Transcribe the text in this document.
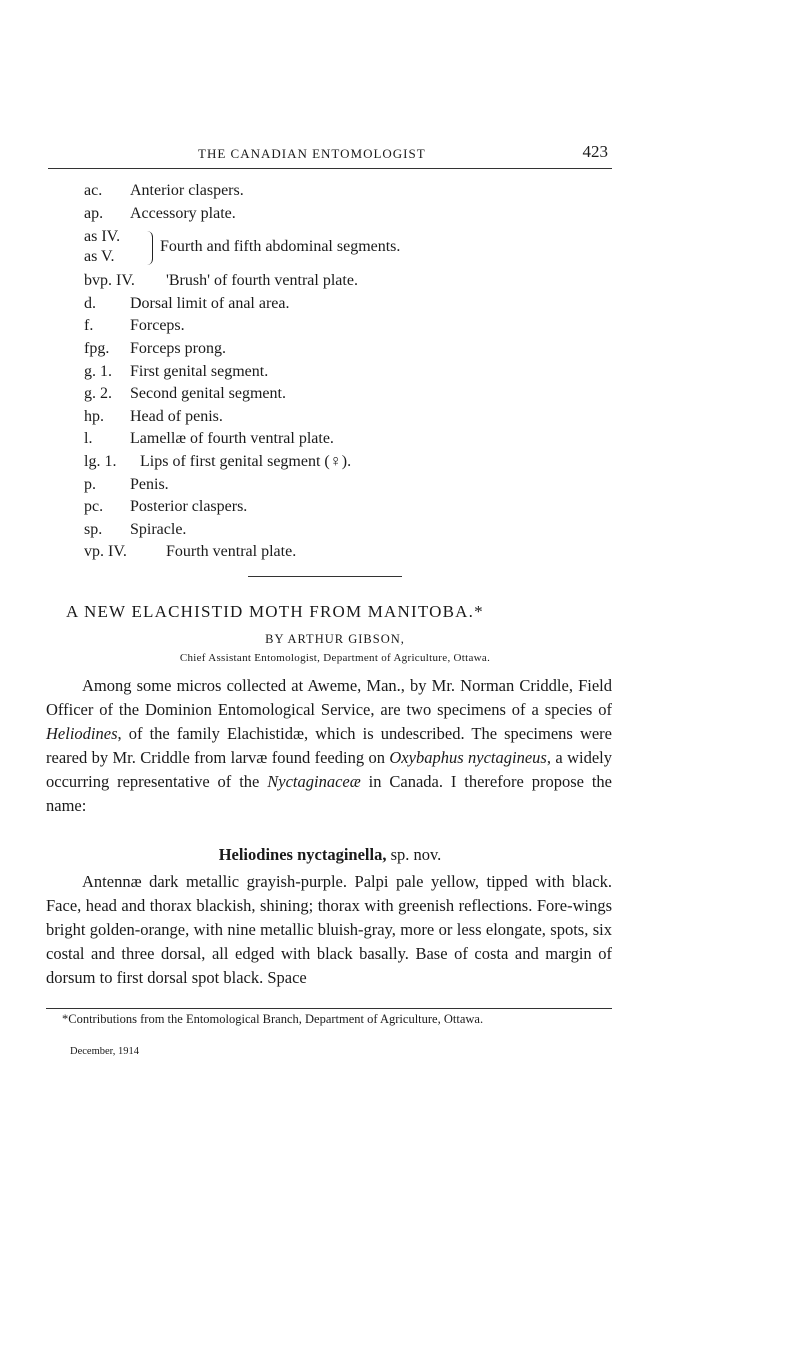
THE CANADIAN ENTOMOLOGIST	423
ac. Anterior claspers.
ap. Accessory plate.
as IV.
as V.
Fourth and fifth abdominal segments.
bvp. IV. 'Brush' of fourth ventral plate.
d. Dorsal limit of anal area.
f. Forceps.
fpg. Forceps prong.
g. 1. First genital segment.
g. 2. Second genital segment.
hp. Head of penis.
l. Lamellæ of fourth ventral plate.
lg. 1. Lips of first genital segment (♀).
p. Penis.
pc. Posterior claspers.
sp. Spiracle.
vp. IV. Fourth ventral plate.
A NEW ELACHISTID MOTH FROM MANITOBA.*
BY ARTHUR GIBSON,
Chief Assistant Entomologist, Department of Agriculture, Ottawa.

Among some micros collected at Aweme, Man., by Mr. Norman Criddle, Field Officer of the Dominion Entomological Service, are two specimens of a species of Heliodines, of the family Elachistidæ, which is undescribed. The specimens were reared by Mr. Criddle from larvæ found feeding on Oxybaphus nyctagineus, a widely occurring representative of the Nyctaginaceæ in Canada. I therefore propose the name:

Heliodines nyctaginella, sp. nov.

Antennæ dark metallic grayish-purple. Palpi pale yellow, tipped with black. Face, head and thorax blackish, shining; thorax with greenish reflections. Fore-wings bright golden-orange, with nine metallic bluish-gray, more or less elongate, spots, six costal and three dorsal, all edged with black basally. Base of costa and margin of dorsum to first dorsal spot black. Space

*Contributions from the Entomological Branch, Department of Agriculture, Ottawa.

December, 1914
